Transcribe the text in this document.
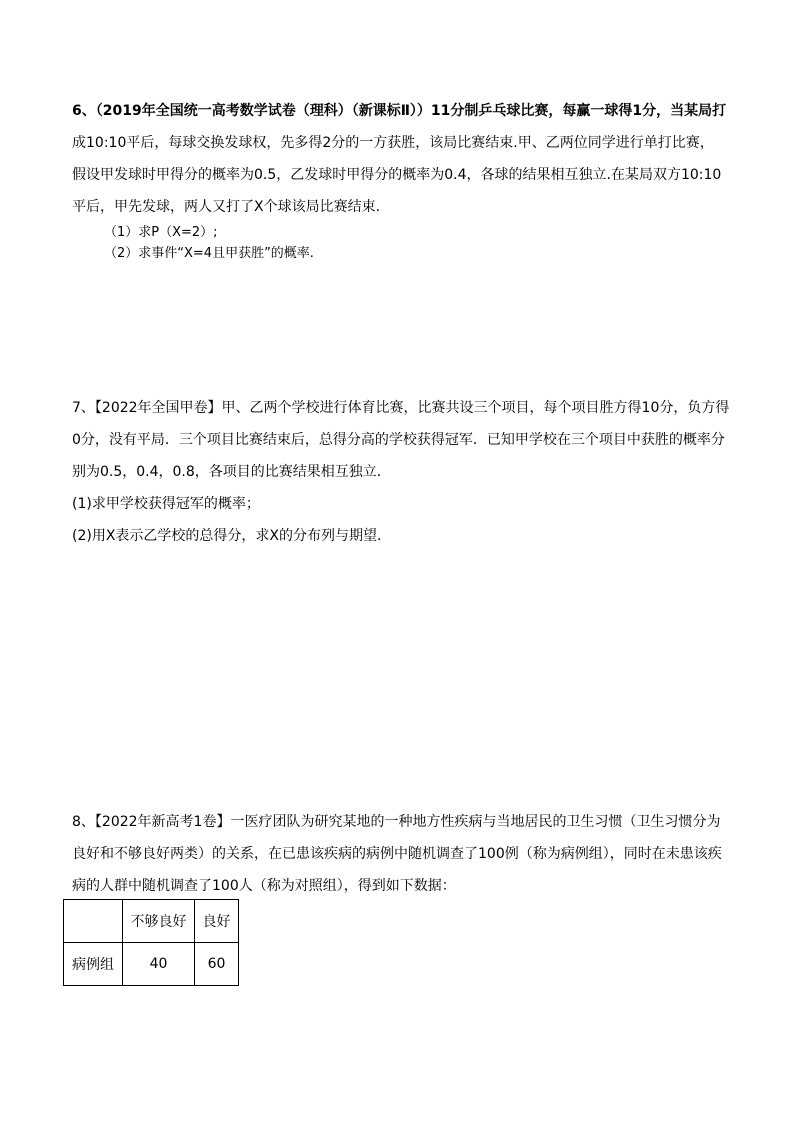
6、（2019年全国统一高考数学试卷（理科）（新课标Ⅱ））11分制乒乓球比赛，每赢一球得1分，当某局打
成10:10平后，每球交换发球权，先多得2分的一方获胜，该局比赛结束.甲、乙两位同学进行单打比赛，
假设甲发球时甲得分的概率为0.5，乙发球时甲得分的概率为0.4，各球的结果相互独立.在某局双方10:10
平后，甲先发球，两人又打了X个球该局比赛结束.
（1）求P（X=2）;
（2）求事件“X=4且甲获胜”的概率.
7、【2022年全国甲卷】甲、乙两个学校进行体育比赛，比赛共设三个项目，每个项目胜方得10分，负方得
0分，没有平局．三个项目比赛结束后，总得分高的学校获得冠军．已知甲学校在三个项目中获胜的概率分
别为0.5，0.4，0.8，各项目的比赛结果相互独立．
(1)求甲学校获得冠军的概率；
(2)用X表示乙学校的总得分，求X的分布列与期望．
8、【2022年新高考1卷】一医疗团队为研究某地的一种地方性疾病与当地居民的卫生习惯（卫生习惯分为
良好和不够良好两类）的关系，在已患该疾病的病例中随机调查了100例（称为病例组），同时在未患该疾
病的人群中随机调查了100人（称为对照组），得到如下数据：
	不够良好	良好
病例组	40	60
